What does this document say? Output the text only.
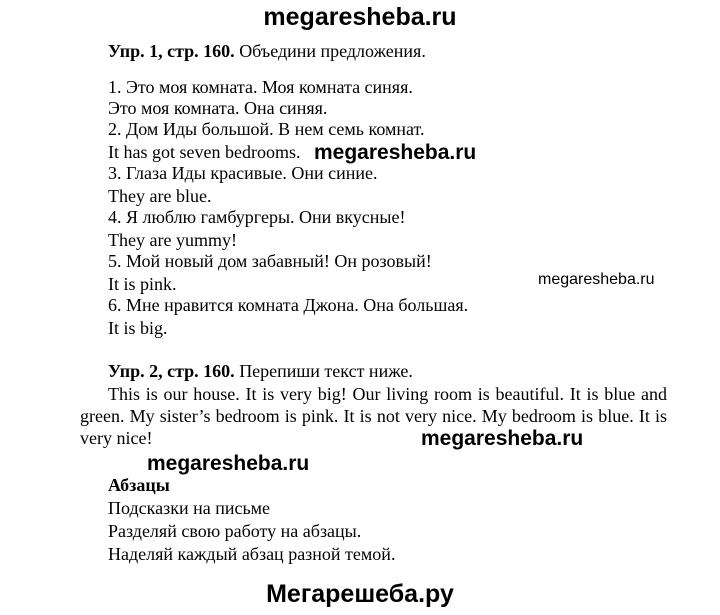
megaresheba.ru
Упр. 1, стр. 160. Объедини предложения.
1. Это моя комната. Моя комната синяя.
Это моя комната. Она синяя.
2. Дом Иды большой. В нем семь комнат.
It has got seven bedrooms. megaresheba.ru
3. Глаза Иды красивые. Они синие.
They are blue.
4. Я люблю гамбургеры. Они вкусные!
They are yummy!
5. Мой новый дом забавный! Он розовый!
It is pink.	megaresheba.ru
6. Мне нравится комната Джона. Она большая.
It is big.
Упр. 2, стр. 160. Перепиши текст ниже.
This is our house. It is very big! Our living room is beautiful. It is blue and green. My sister’s bedroom is pink. It is not very nice. My bedroom is blue. It is very nice!	megaresheba.ru
megaresheba.ru
Абзацы
Подсказки на письме
Разделяй свою работу на абзацы.
Наделяй каждый абзац разной темой.
Мегарешеба.ру
